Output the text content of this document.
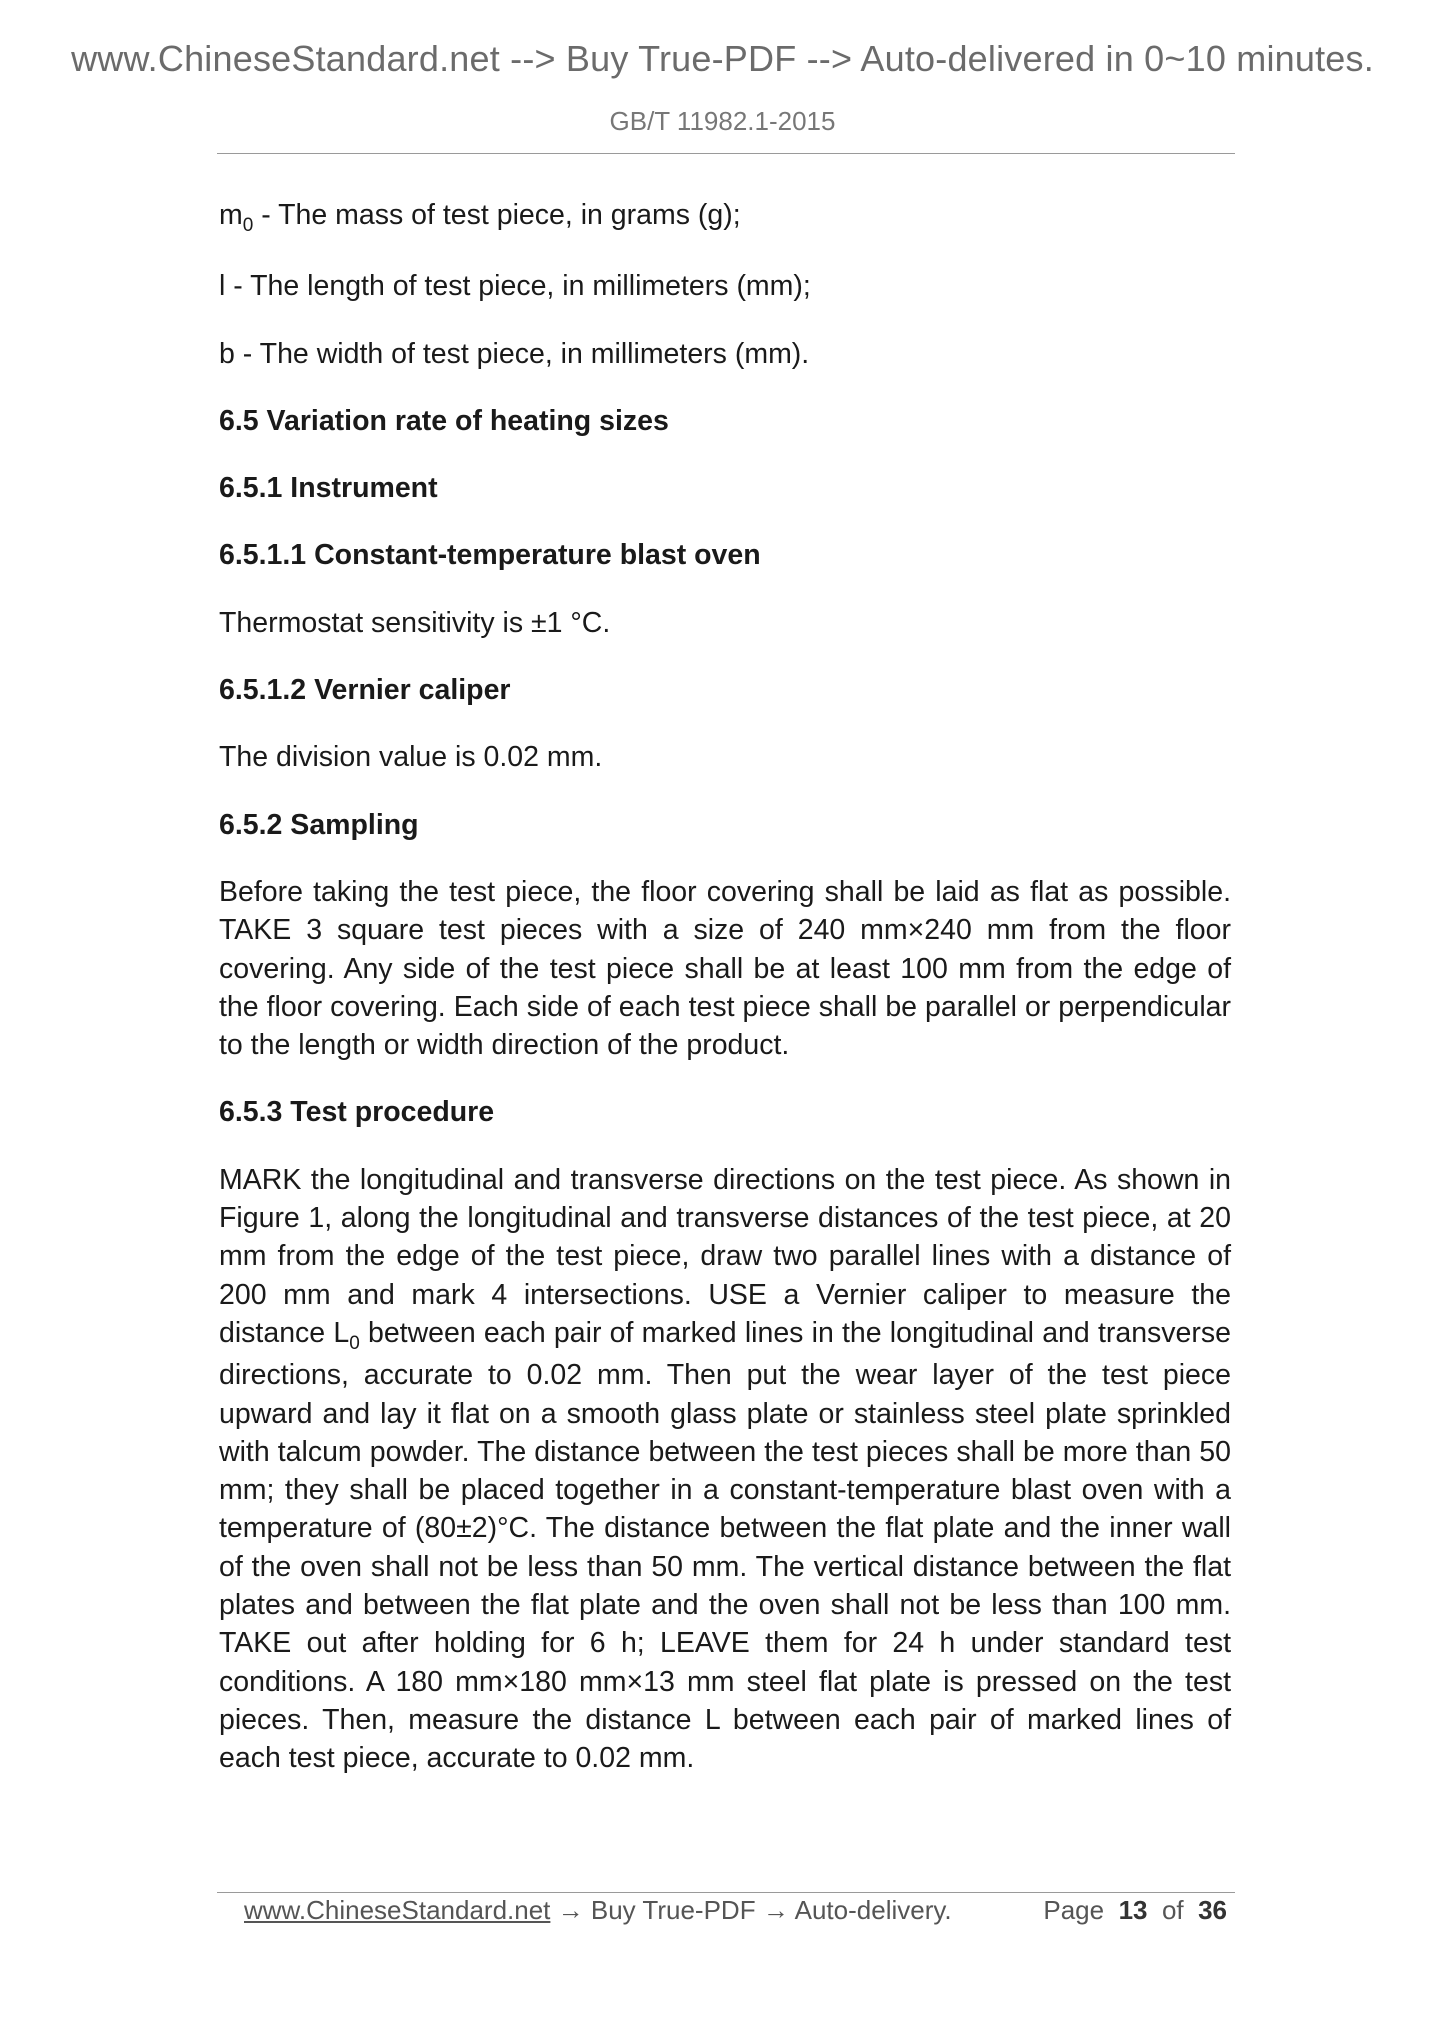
www.ChineseStandard.net --> Buy True-PDF --> Auto-delivered in 0~10 minutes.
GB/T 11982.1-2015

$m_0$ - The mass of test piece, in grams (g);

l - The length of test piece, in millimeters (mm);

b - The width of test piece, in millimeters (mm).

6.5 Variation rate of heating sizes

6.5.1 Instrument

6.5.1.1 Constant-temperature blast oven

Thermostat sensitivity is ±1 °C.

6.5.1.2 Vernier caliper

The division value is 0.02 mm.

6.5.2 Sampling

Before taking the test piece, the floor covering shall be laid as flat as possible. TAKE 3 square test pieces with a size of 240 mm×240 mm from the floor covering. Any side of the test piece shall be at least 100 mm from the edge of the floor covering. Each side of each test piece shall be parallel or perpendicular to the length or width direction of the product.

6.5.3 Test procedure

MARK the longitudinal and transverse directions on the test piece. As shown in Figure 1, along the longitudinal and transverse distances of the test piece, at 20 mm from the edge of the test piece, draw two parallel lines with a distance of 200 mm and mark 4 intersections. USE a Vernier caliper to measure the distance $L_0$ between each pair of marked lines in the longitudinal and transverse directions, accurate to 0.02 mm. Then put the wear layer of the test piece upward and lay it flat on a smooth glass plate or stainless steel plate sprinkled with talcum powder. The distance between the test pieces shall be more than 50 mm; they shall be placed together in a constant-temperature blast oven with a temperature of (80±2)°C. The distance between the flat plate and the inner wall of the oven shall not be less than 50 mm. The vertical distance between the flat plates and between the flat plate and the oven shall not be less than 100 mm. TAKE out after holding for 6 h; LEAVE them for 24 h under standard test conditions. A 180 mm×180 mm×13 mm steel flat plate is pressed on the test pieces. Then, measure the distance L between each pair of marked lines of each test piece, accurate to 0.02 mm.

www.ChineseStandard.net → Buy True-PDF → Auto-delivery.	Page 13 of 36
